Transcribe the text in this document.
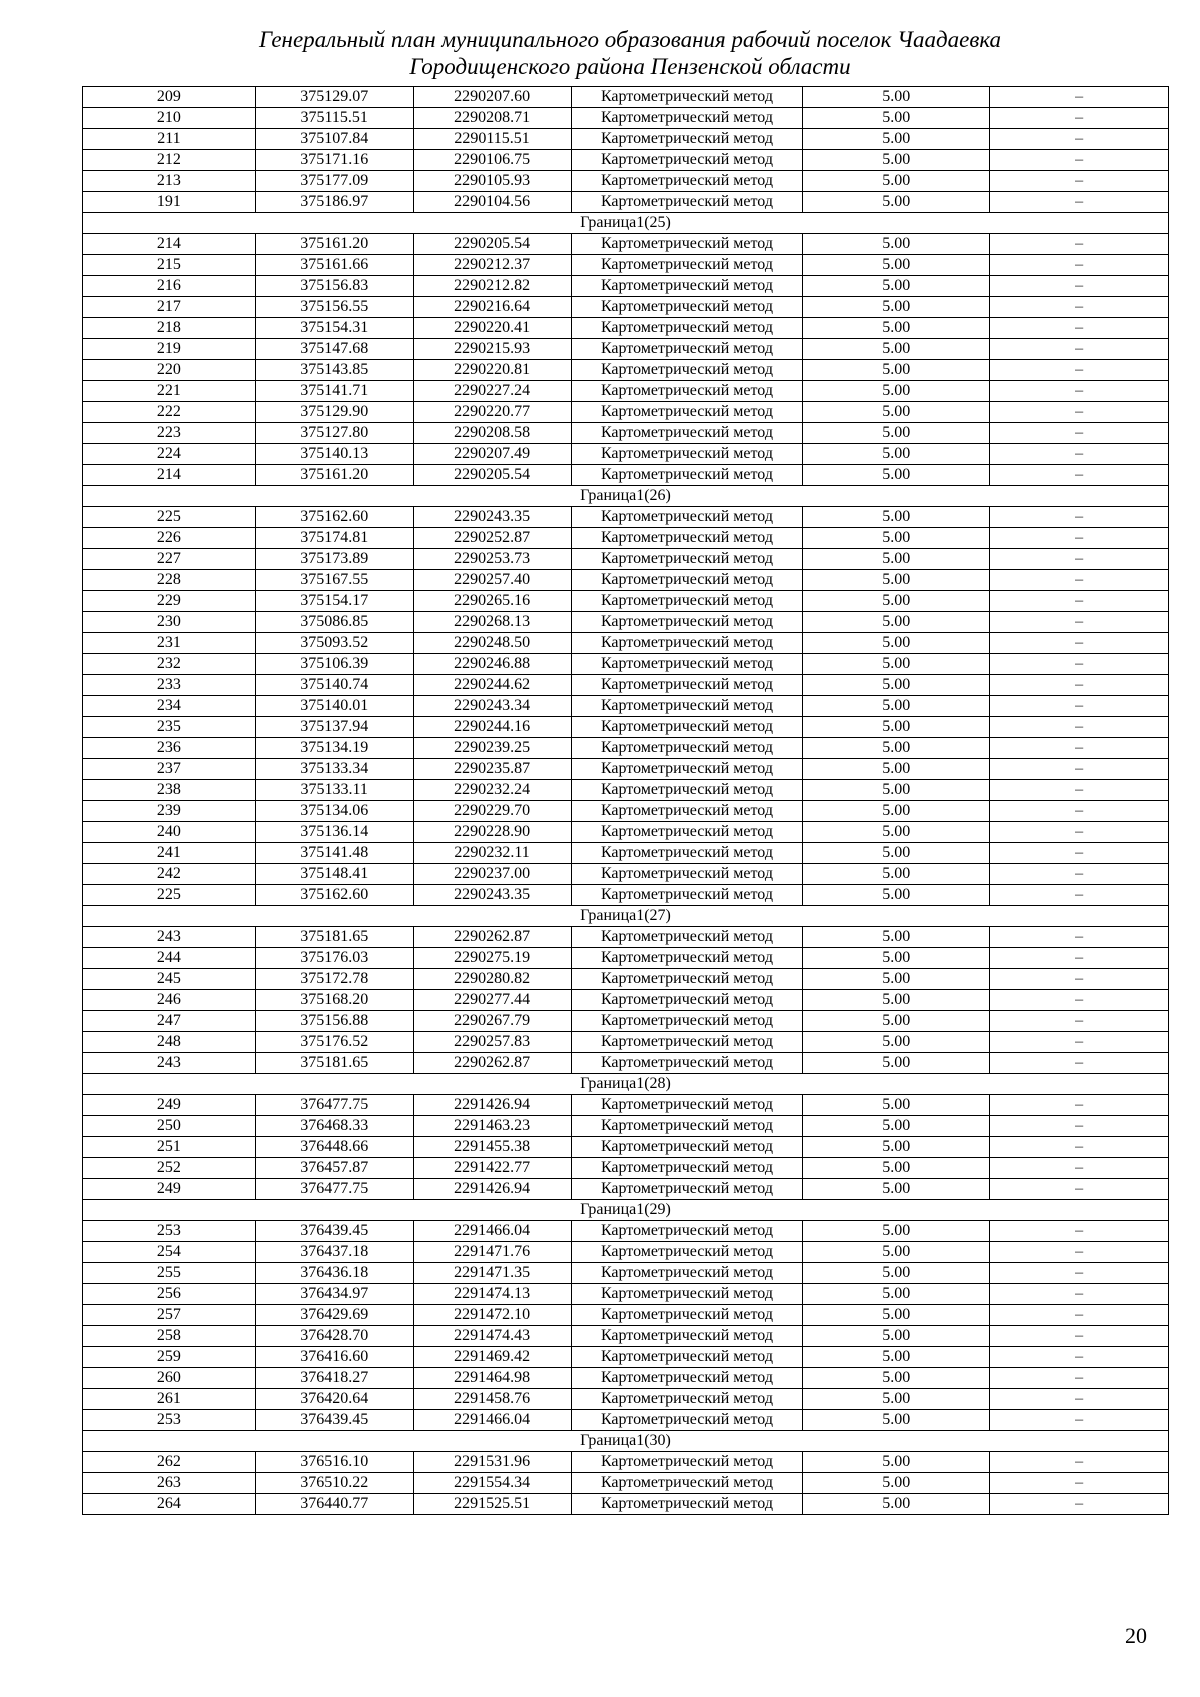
Генеральный план муниципального образования рабочий поселок Чаадаевка
Городищенского района Пензенской области
209	375129.07	2290207.60	Картометрический метод	5.00	–
210	375115.51	2290208.71	Картометрический метод	5.00	–
211	375107.84	2290115.51	Картометрический метод	5.00	–
212	375171.16	2290106.75	Картометрический метод	5.00	–
213	375177.09	2290105.93	Картометрический метод	5.00	–
191	375186.97	2290104.56	Картометрический метод	5.00	–
Граница1(25)					
214	375161.20	2290205.54	Картометрический метод	5.00	–
215	375161.66	2290212.37	Картометрический метод	5.00	–
216	375156.83	2290212.82	Картометрический метод	5.00	–
217	375156.55	2290216.64	Картометрический метод	5.00	–
218	375154.31	2290220.41	Картометрический метод	5.00	–
219	375147.68	2290215.93	Картометрический метод	5.00	–
220	375143.85	2290220.81	Картометрический метод	5.00	–
221	375141.71	2290227.24	Картометрический метод	5.00	–
222	375129.90	2290220.77	Картометрический метод	5.00	–
223	375127.80	2290208.58	Картометрический метод	5.00	–
224	375140.13	2290207.49	Картометрический метод	5.00	–
214	375161.20	2290205.54	Картометрический метод	5.00	–
Граница1(26)					
225	375162.60	2290243.35	Картометрический метод	5.00	–
226	375174.81	2290252.87	Картометрический метод	5.00	–
227	375173.89	2290253.73	Картометрический метод	5.00	–
228	375167.55	2290257.40	Картометрический метод	5.00	–
229	375154.17	2290265.16	Картометрический метод	5.00	–
230	375086.85	2290268.13	Картометрический метод	5.00	–
231	375093.52	2290248.50	Картометрический метод	5.00	–
232	375106.39	2290246.88	Картометрический метод	5.00	–
233	375140.74	2290244.62	Картометрический метод	5.00	–
234	375140.01	2290243.34	Картометрический метод	5.00	–
235	375137.94	2290244.16	Картометрический метод	5.00	–
236	375134.19	2290239.25	Картометрический метод	5.00	–
237	375133.34	2290235.87	Картометрический метод	5.00	–
238	375133.11	2290232.24	Картометрический метод	5.00	–
239	375134.06	2290229.70	Картометрический метод	5.00	–
240	375136.14	2290228.90	Картометрический метод	5.00	–
241	375141.48	2290232.11	Картометрический метод	5.00	–
242	375148.41	2290237.00	Картометрический метод	5.00	–
225	375162.60	2290243.35	Картометрический метод	5.00	–
Граница1(27)					
243	375181.65	2290262.87	Картометрический метод	5.00	–
244	375176.03	2290275.19	Картометрический метод	5.00	–
245	375172.78	2290280.82	Картометрический метод	5.00	–
246	375168.20	2290277.44	Картометрический метод	5.00	–
247	375156.88	2290267.79	Картометрический метод	5.00	–
248	375176.52	2290257.83	Картометрический метод	5.00	–
243	375181.65	2290262.87	Картометрический метод	5.00	–
Граница1(28)					
249	376477.75	2291426.94	Картометрический метод	5.00	–
250	376468.33	2291463.23	Картометрический метод	5.00	–
251	376448.66	2291455.38	Картометрический метод	5.00	–
252	376457.87	2291422.77	Картометрический метод	5.00	–
249	376477.75	2291426.94	Картометрический метод	5.00	–
Граница1(29)					
253	376439.45	2291466.04	Картометрический метод	5.00	–
254	376437.18	2291471.76	Картометрический метод	5.00	–
255	376436.18	2291471.35	Картометрический метод	5.00	–
256	376434.97	2291474.13	Картометрический метод	5.00	–
257	376429.69	2291472.10	Картометрический метод	5.00	–
258	376428.70	2291474.43	Картометрический метод	5.00	–
259	376416.60	2291469.42	Картометрический метод	5.00	–
260	376418.27	2291464.98	Картометрический метод	5.00	–
261	376420.64	2291458.76	Картометрический метод	5.00	–
253	376439.45	2291466.04	Картометрический метод	5.00	–
Граница1(30)					
262	376516.10	2291531.96	Картометрический метод	5.00	–
263	376510.22	2291554.34	Картометрический метод	5.00	–
264	376440.77	2291525.51	Картометрический метод	5.00	–
20
